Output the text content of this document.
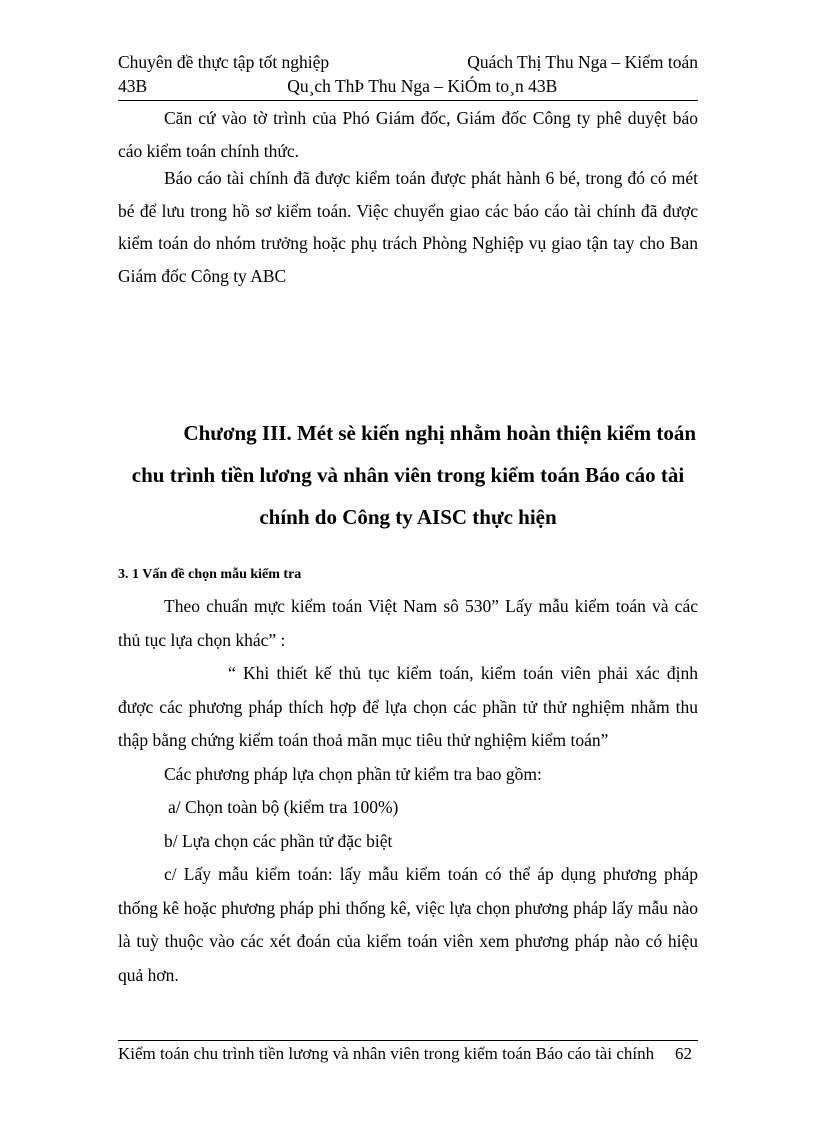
Chuyên đề thực tập tốt nghiệp	Quách Thị Thu Nga – Kiểm toán
43B	Qu¸ch ThÞ Thu Nga – KiÓm to¸n 43B

Căn cứ vào tờ trình của Phó Giám đốc, Giám đốc Công ty phê duyệt báo cáo kiểm toán chính thức.

Báo cáo tài chính đã được kiểm toán được phát hành 6 bé, trong đó có mét bé để lưu trong hồ sơ kiểm toán. Việc chuyển giao các báo cáo tài chính đã được kiểm toán do nhóm trưởng hoặc phụ trách Phòng Nghiệp vụ giao tận tay cho Ban Giám đốc Công ty ABC

Chương III. Mét sè kiến nghị nhằm hoàn thiện kiểm toán
chu trình tiền lương và nhân viên trong kiểm toán Báo cáo tài
chính do Công ty AISC thực hiện
3. 1 Vấn đề chọn mẫu kiểm tra

Theo chuẩn mực kiểm toán Việt Nam sô 530” Lấy mẫu kiểm toán và các thủ tục lựa chọn khác” :

“ Khi thiết kế thủ tục kiểm toán, kiểm toán viên phải xác định được các phương pháp thích hợp để lựa chọn các phần tử thử nghiệm nhằm thu thập bằng chứng kiểm toán thoả mãn mục tiêu thử nghiệm kiểm toán”

Các phương pháp lựa chọn phần tử kiểm tra bao gồm:

a/ Chọn toàn bộ (kiểm tra 100%)

b/ Lựa chọn các phần tử đặc biệt

c/ Lấy mẫu kiểm toán: lấy mẫu kiểm toán có thể áp dụng phương pháp thống kê hoặc phương pháp phi thống kê, việc lựa chọn phương pháp lấy mẫu nào là tuỳ thuộc vào các xét đoán của kiểm toán viên xem phương pháp nào có hiệu quả hơn.

Kiểm toán chu trình tiền lương và nhân viên trong kiểm toán Báo cáo tài chính 62
